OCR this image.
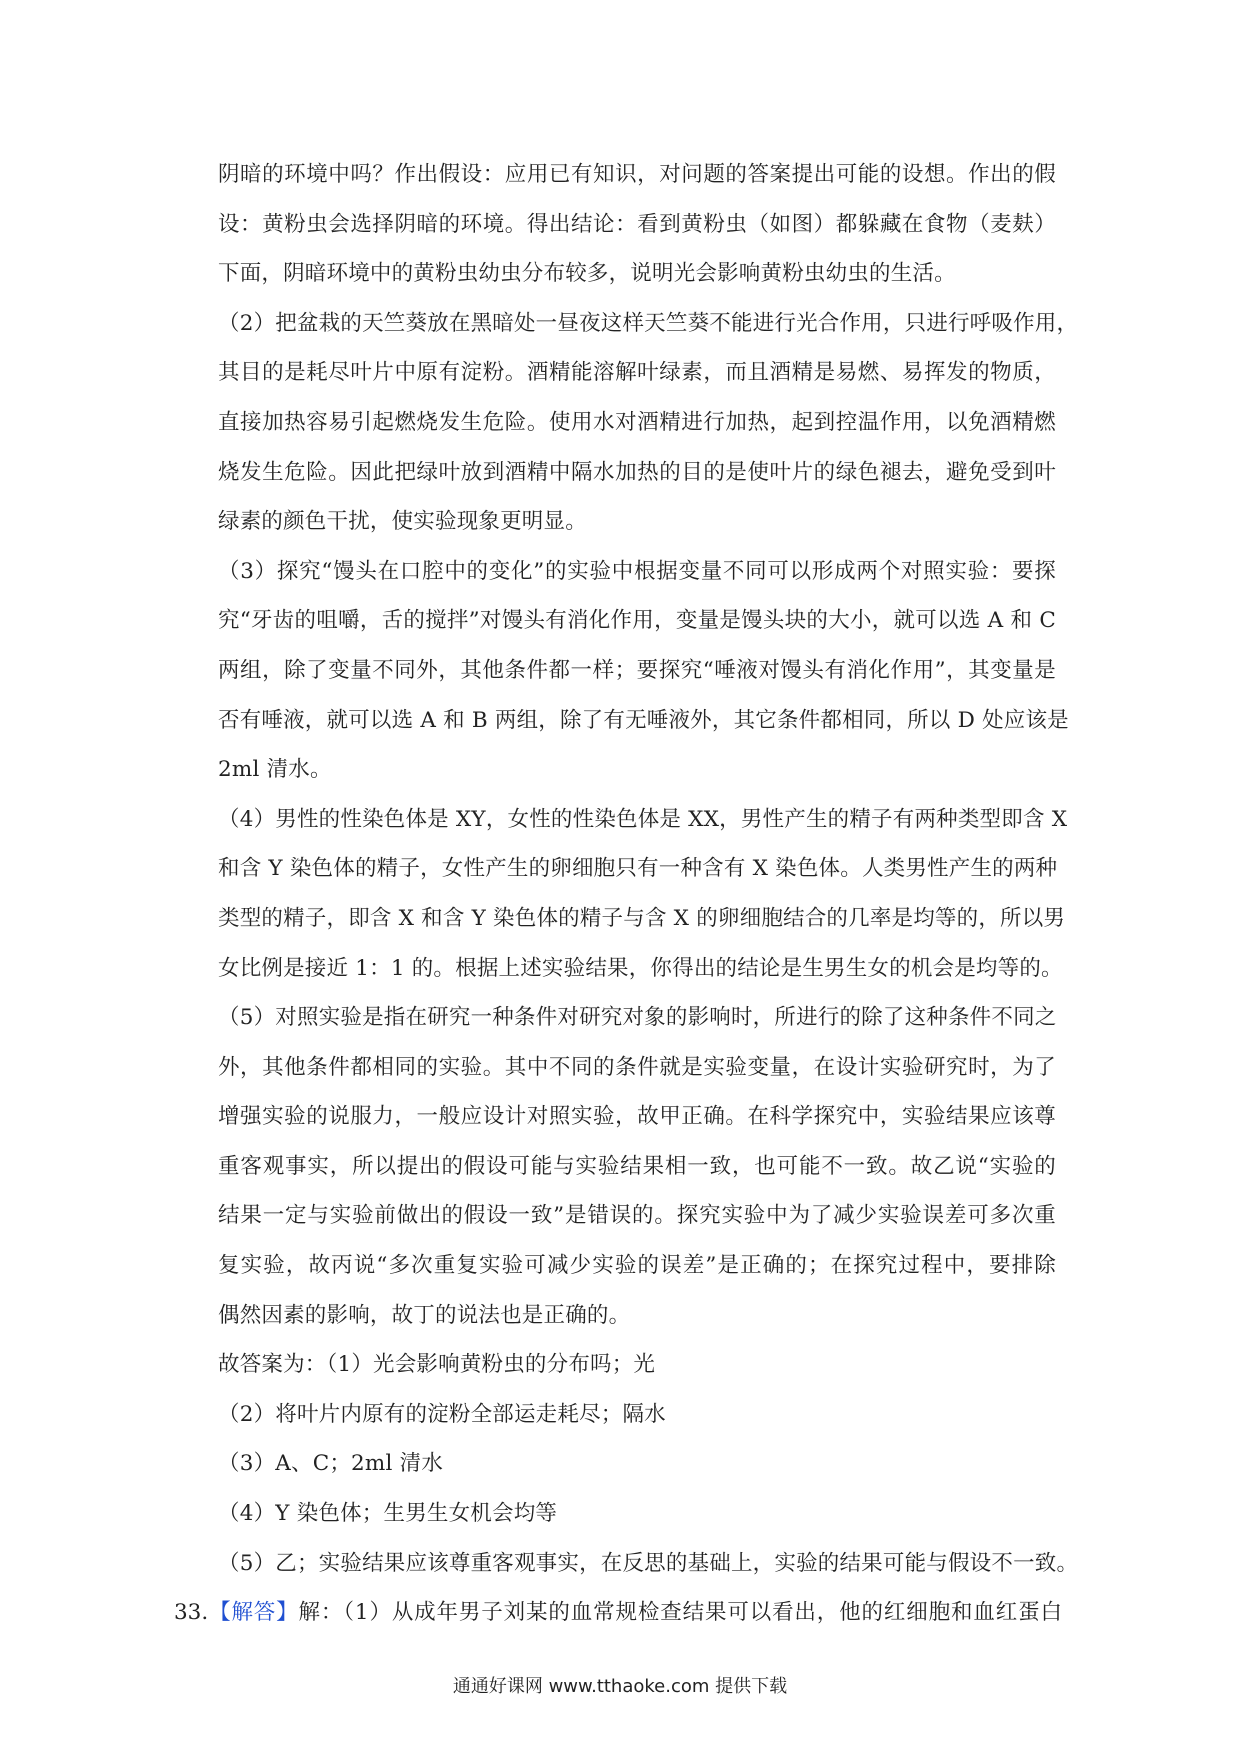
阴暗的环境中吗？作出假设：应用已有知识，对问题的答案提出可能的设想。作出的假
设：黄粉虫会选择阴暗的环境。得出结论：看到黄粉虫（如图）都躲藏在食物（麦麸）
下面，阴暗环境中的黄粉虫幼虫分布较多，说明光会影响黄粉虫幼虫的生活。
（2）把盆栽的天竺葵放在黑暗处一昼夜这样天竺葵不能进行光合作用，只进行呼吸作用，
其目的是耗尽叶片中原有淀粉。酒精能溶解叶绿素，而且酒精是易燃、易挥发的物质，
直接加热容易引起燃烧发生危险。使用水对酒精进行加热，起到控温作用，以免酒精燃
烧发生危险。因此把绿叶放到酒精中隔水加热的目的是使叶片的绿色褪去，避免受到叶
绿素的颜色干扰，使实验现象更明显。
（3）探究“馒头在口腔中的变化”的实验中根据变量不同可以形成两个对照实验：要探
究“牙齿的咀嚼，舌的搅拌”对馒头有消化作用，变量是馒头块的大小，就可以选 A 和 C
两组，除了变量不同外，其他条件都一样；要探究“唾液对馒头有消化作用”，其变量是
否有唾液，就可以选 A 和 B 两组，除了有无唾液外，其它条件都相同，所以 D 处应该是
2ml 清水。
（4）男性的性染色体是 XY，女性的性染色体是 XX，男性产生的精子有两种类型即含 X
和含 Y 染色体的精子，女性产生的卵细胞只有一种含有 X 染色体。人类男性产生的两种
类型的精子，即含 X 和含 Y 染色体的精子与含 X 的卵细胞结合的几率是均等的，所以男
女比例是接近 1：1 的。根据上述实验结果，你得出的结论是生男生女的机会是均等的。
（5）对照实验是指在研究一种条件对研究对象的影响时，所进行的除了这种条件不同之
外，其他条件都相同的实验。其中不同的条件就是实验变量，在设计实验研究时，为了
增强实验的说服力，一般应设计对照实验，故甲正确。在科学探究中，实验结果应该尊
重客观事实，所以提出的假设可能与实验结果相一致，也可能不一致。故乙说“实验的
结果一定与实验前做出的假设一致”是错误的。探究实验中为了减少实验误差可多次重
复实验，故丙说“多次重复实验可减少实验的误差”是正确的；在探究过程中，要排除
偶然因素的影响，故丁的说法也是正确的。
故答案为：（1）光会影响黄粉虫的分布吗；光
（2）将叶片内原有的淀粉全部运走耗尽；隔水
（3）A、C；2ml 清水
（4）Y 染色体；生男生女机会均等
（5）乙；实验结果应该尊重客观事实，在反思的基础上，实验的结果可能与假设不一致。
33.【解答】解：（1）从成年男子刘某的血常规检查结果可以看出，他的红细胞和血红蛋白
通通好课网 www.tthaoke.com 提供下载
